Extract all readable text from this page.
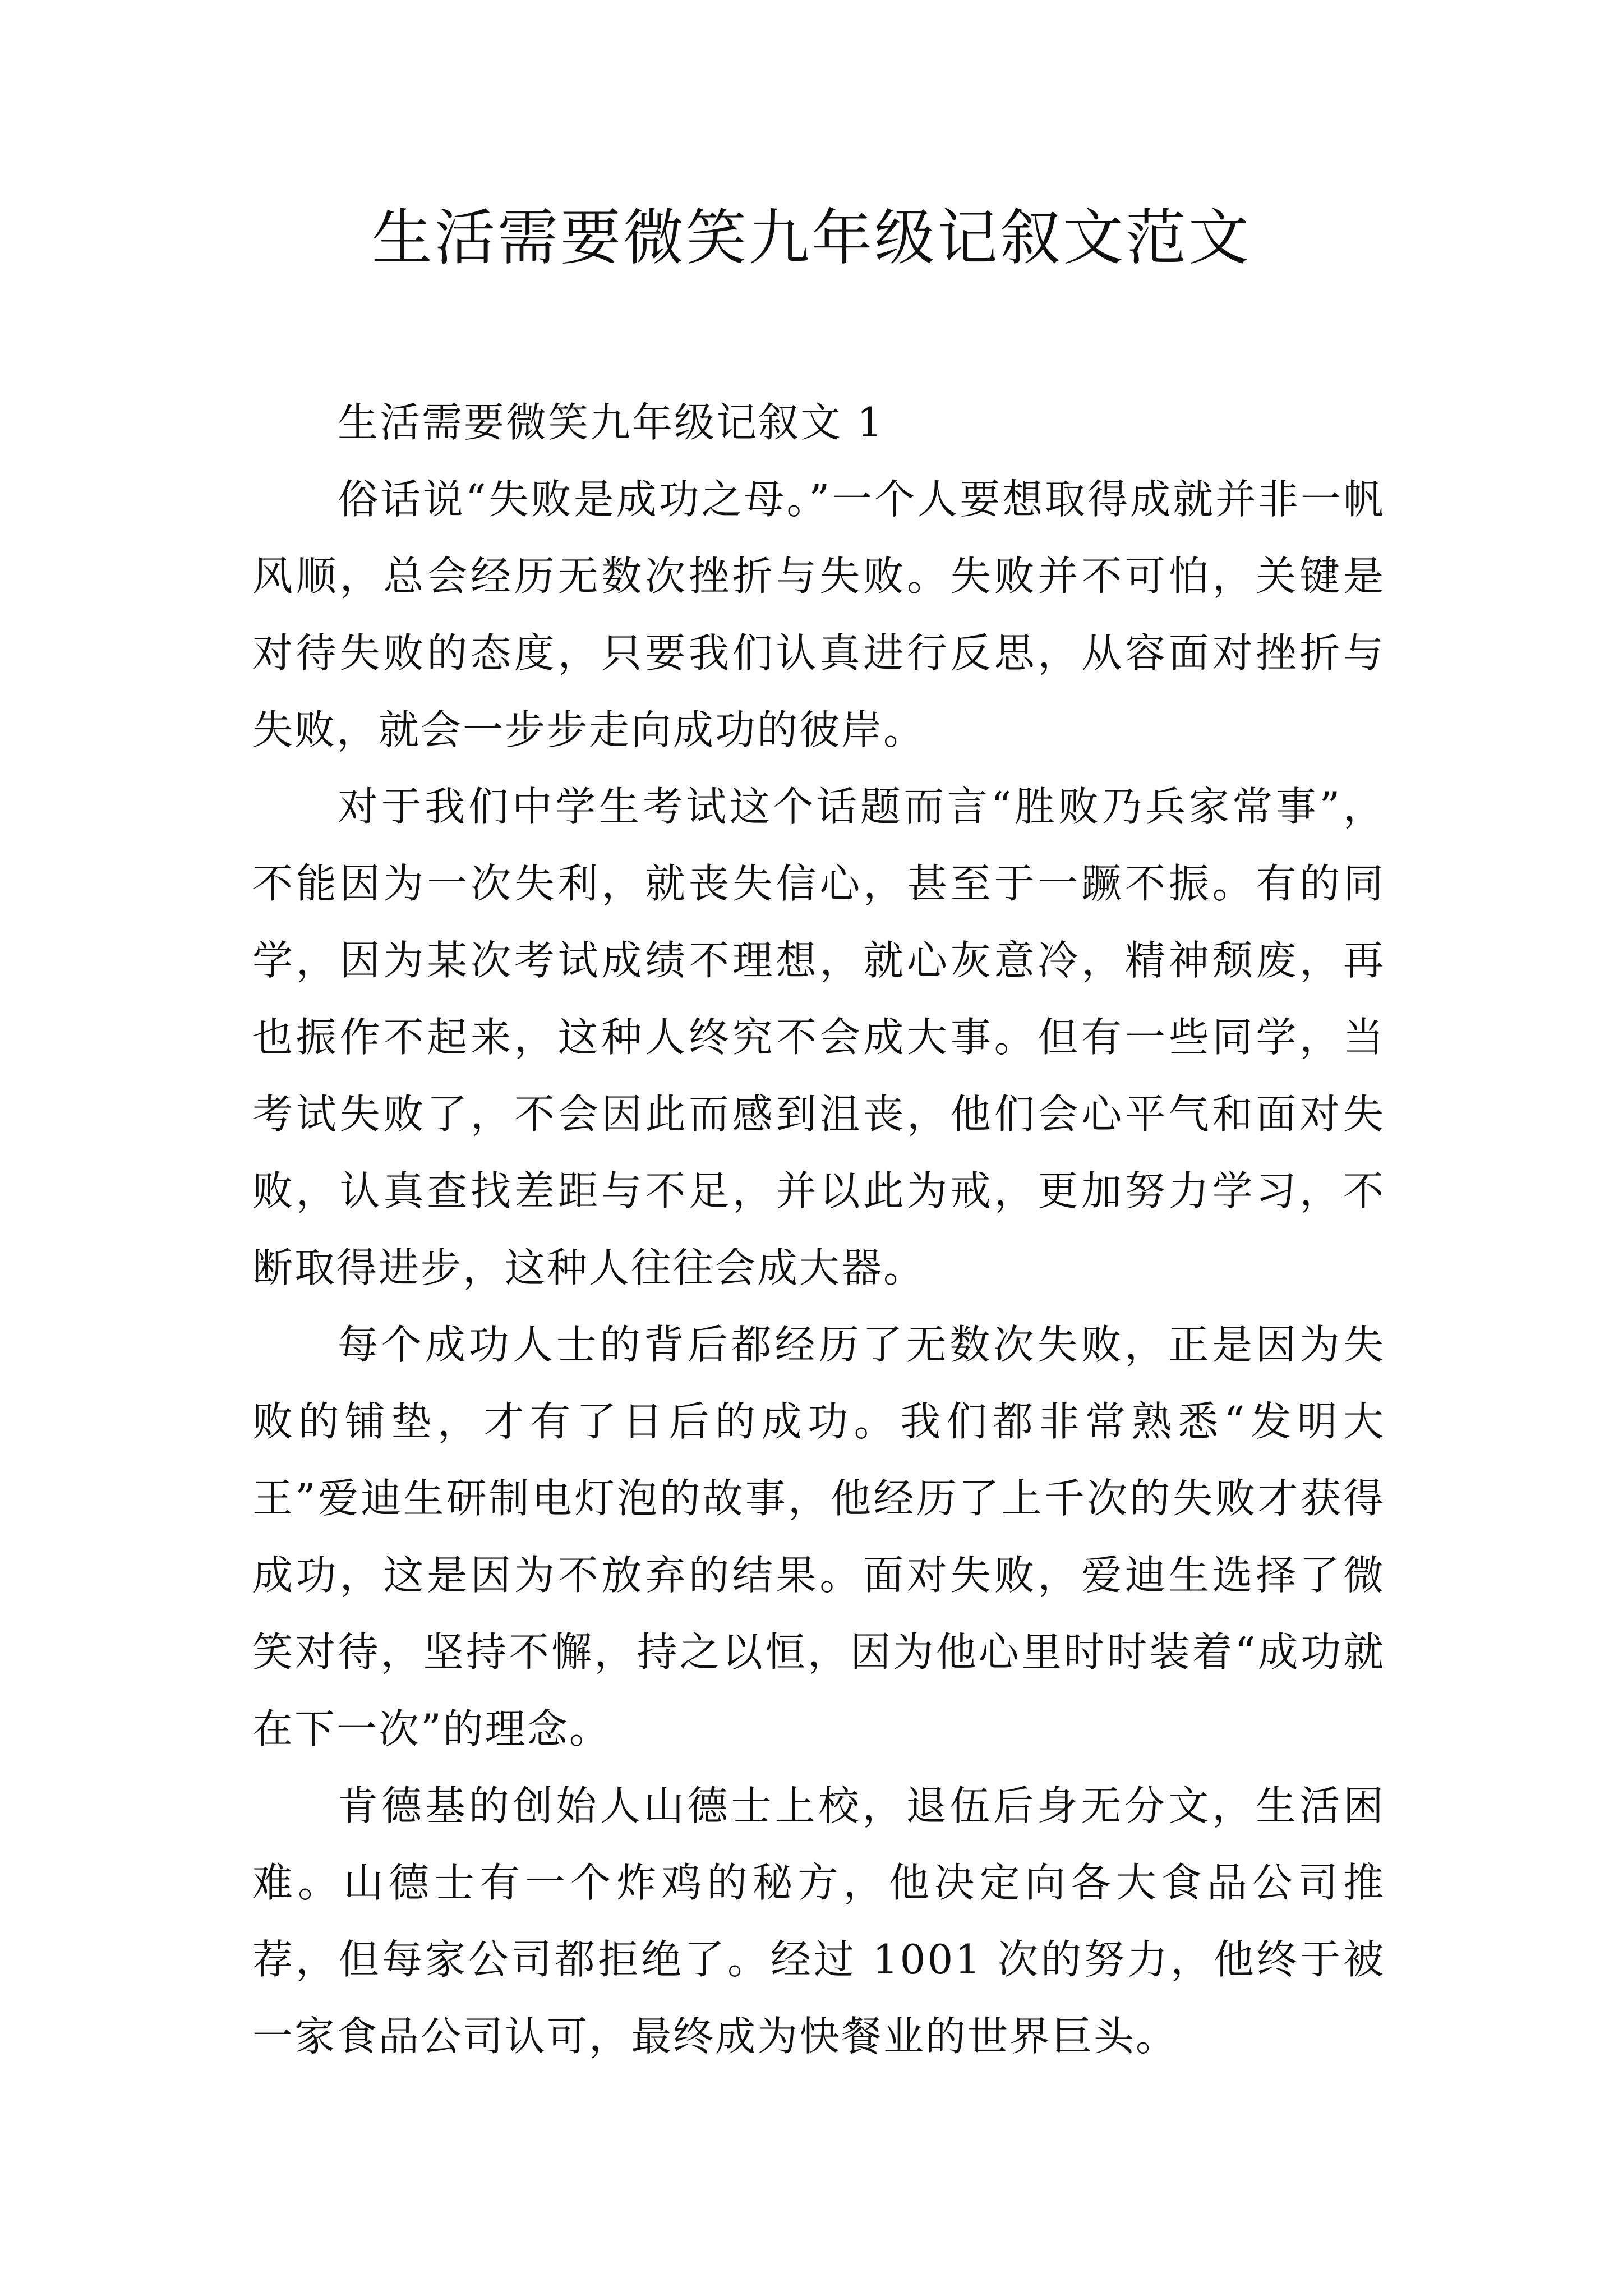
生活需要微笑九年级记叙文范文

生活需要微笑九年级记叙文 1

俗话说“失败是成功之母。”一个人要想取得成就并非一帆风顺，总会经历无数次挫折与失败。失败并不可怕，关键是对待失败的态度，只要我们认真进行反思，从容面对挫折与失败，就会一步步走向成功的彼岸。

对于我们中学生考试这个话题而言“胜败乃兵家常事”，不能因为一次失利，就丧失信心，甚至于一蹶不振。有的同学，因为某次考试成绩不理想，就心灰意冷，精神颓废，再也振作不起来，这种人终究不会成大事。但有一些同学，当考试失败了，不会因此而感到沮丧，他们会心平气和面对失败，认真查找差距与不足，并以此为戒，更加努力学习，不断取得进步，这种人往往会成大器。

每个成功人士的背后都经历了无数次失败，正是因为失败的铺垫，才有了日后的成功。我们都非常熟悉“发明大王”爱迪生研制电灯泡的故事，他经历了上千次的失败才获得成功，这是因为不放弃的结果。面对失败，爱迪生选择了微笑对待，坚持不懈，持之以恒，因为他心里时时装着“成功就在下一次”的理念。

肯德基的创始人山德士上校，退伍后身无分文，生活困难。山德士有一个炸鸡的秘方，他决定向各大食品公司推荐，但每家公司都拒绝了。经过 1001 次的努力，他终于被一家食品公司认可，最终成为快餐业的世界巨头。
